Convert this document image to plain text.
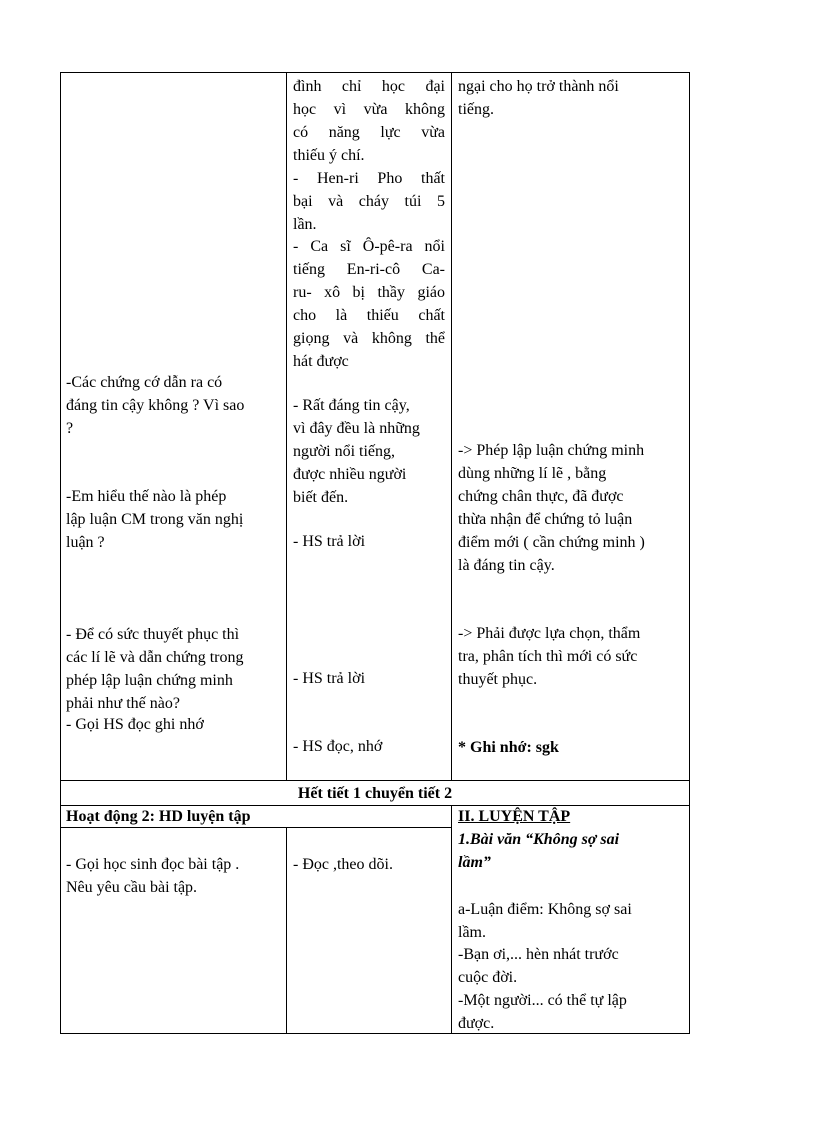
-Các chứng cớ dẫn ra có

đáng tin cậy không ? Vì sao

?

-Em hiểu thế nào là phép

lập luận CM trong văn nghị

luận ?

- Để có sức thuyết phục thì

các lí lẽ và dẫn chứng trong

phép lập luận chứng minh

phải như thế nào?

- Gọi HS đọc ghi nhớ

đình chỉ học đại

học vì vừa không

có năng lực vừa

thiếu ý chí.

- Hen-ri Pho thất

bại và cháy túi 5

lần.

- Ca sĩ Ô-pê-ra nổi

tiếng En-ri-cô Ca-

ru- xô bị thầy giáo

cho là thiếu chất

giọng và không thể

hát được

- Rất đáng tin cậy,

vì đây đều là những

người nổi tiếng,

được nhiều người

biết đến.

- HS trả lời

- HS trả lời

- HS đọc, nhớ

ngại cho họ trở thành nổi

tiếng.

-> Phép lập luận chứng minh

dùng những lí lẽ , bằng

chứng chân thực, đã được

thừa nhận để chứng tỏ luận

điểm mới ( cần chứng minh )

là đáng tin cậy.

-> Phải được lựa chọn, thẩm

tra, phân tích thì mới có sức

thuyết phục.

* Ghi nhớ: sgk

Hết tiết 1 chuyển tiết 2

Hoạt động 2: HD luyện tập	II. LUYỆN TẬP

1.Bài văn “Không sợ sai

lầm”

- Gọi học sinh đọc bài tập .

Nêu yêu cầu bài tập.

- Đọc ,theo dõi.

a-Luận điểm: Không sợ sai

lầm.

-Bạn ơi,... hèn nhát trước

cuộc đời.

-Một người... có thể tự lập

được.
